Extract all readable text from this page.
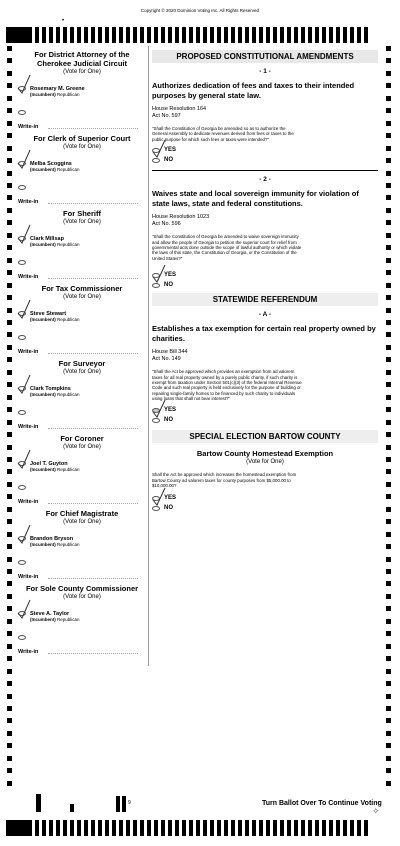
Copyright © 2020 Dominion Voting Inc. All Rights Reserved
•
For District Attorney of the Cherokee Judicial Circuit
(Vote for One)
Rosemary M. Greene
(Incumbent) Republican
Write-in
For Clerk of Superior Court
(Vote for One)
Melba Scoggins
(Incumbent) Republican
Write-in
For Sheriff
(Vote for One)
Clark Millsap
(Incumbent) Republican
Write-in
For Tax Commissioner
(Vote for One)
Steve Stewart
(Incumbent) Republican
Write-in
For Surveyor
(Vote for One)
Clark Tompkins
(Incumbent) Republican
Write-in
For Coroner
(Vote for One)
Joel T. Guyton
(Incumbent) Republican
Write-in
For Chief Magistrate
(Vote for One)
Brandon Bryson
(Incumbent) Republican
Write-in
For Sole County Commissioner
(Vote for One)
Steve A. Taylor
(Incumbent) Republican
Write-in
PROPOSED CONSTITUTIONAL AMENDMENTS
- 1 -
Authorizes dedication of fees and taxes to their intended purposes by general state law.
House Resolution 164
Act No. 597
"Shall the Constitution of Georgia be amended so as to authorize the General Assembly to dedicate revenues derived from fees or taxes to the public purpose for which such fees or taxes were intended?"
YES
NO
- 2 -
Waives state and local sovereign immunity for violation of state laws, state and federal constitutions.
House Resolution 1023
Act No. 596
"Shall the Constitution of Georgia be amended to waive sovereign immunity and allow the people of Georgia to petition the superior court for relief from governmental acts done outside the scope of lawful authority or which violate the laws of this state, the Constitution of Georgia, or the Constitution of the United States?"
YES
NO
STATEWIDE REFERENDUM
- A -
Establishes a tax exemption for certain real property owned by charities.
House Bill 344
Act No. 149
"Shall the Act be approved which provides an exemption from ad valorem taxes for all real property owned by a purely public charity, if such charity is exempt from taxation under Section 501(c)(3) of the federal Internal Revenue Code and such real property is held exclusively for the purpose of building or repairing single-family homes to be financed by such charity to individuals using loans that shall not bear interest?"
YES
NO
SPECIAL ELECTION BARTOW COUNTY
Bartow County Homestead Exemption
(Vote for One)
Shall the Act be approved which increases the homestead exemption from Bartow County ad valorem taxes for county purposes from $5,000.00 to $10,000.00?
YES
NO
9	Turn Ballot Over To Continue Voting
✧
